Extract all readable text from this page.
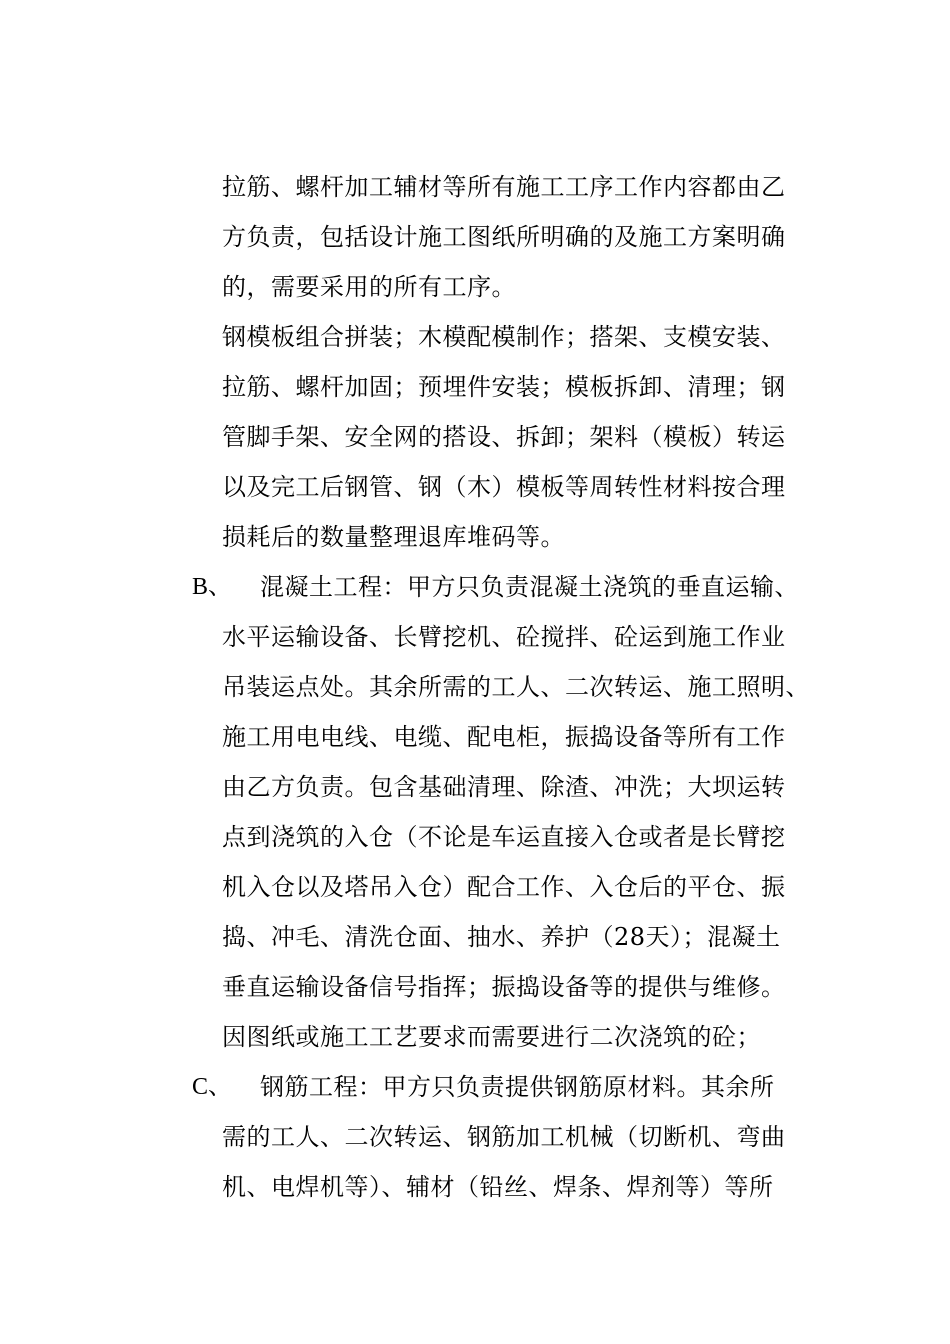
拉筋、螺杆加工辅材等所有施工工序工作内容都由乙
方负责，包括设计施工图纸所明确的及施工方案明确
的，需要采用的所有工序。
钢模板组合拼装；木模配模制作；搭架、支模安装、
拉筋、螺杆加固；预埋件安装；模板拆卸、清理；钢
管脚手架、安全网的搭设、拆卸；架料（模板）转运
以及完工后钢管、钢（木）模板等周转性材料按合理
损耗后的数量整理退库堆码等。
B、 混凝土工程：甲方只负责混凝土浇筑的垂直运输、
水平运输设备、长臂挖机、砼搅拌、砼运到施工作业
吊装运点处。其余所需的工人、二次转运、施工照明、
施工用电电线、电缆、配电柜，振捣设备等所有工作
由乙方负责。包含基础清理、除渣、冲洗；大坝运转
点到浇筑的入仓（不论是车运直接入仓或者是长臂挖
机入仓以及塔吊入仓）配合工作、入仓后的平仓、振
捣、冲毛、清洗仓面、抽水、养护（28天）；混凝土
垂直运输设备信号指挥；振捣设备等的提供与维修。
因图纸或施工工艺要求而需要进行二次浇筑的砼；
C、 钢筋工程：甲方只负责提供钢筋原材料。其余所
需的工人、二次转运、钢筋加工机械（切断机、弯曲
机、电焊机等）、辅材（铅丝、焊条、焊剂等）等所
